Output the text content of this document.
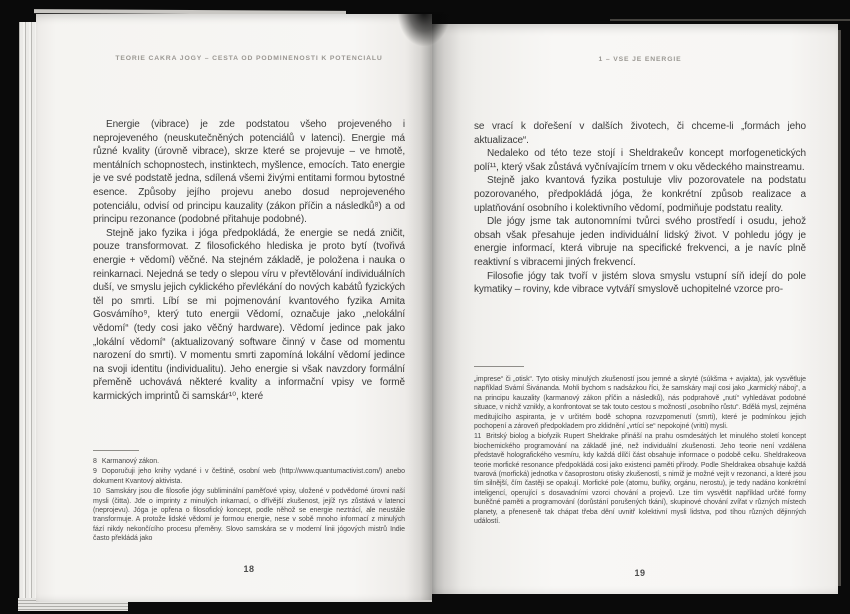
TEORIE ČAKRA JÓGY – CESTA OD PODMÍNĚNOSTI K POTENCIÁLU

Energie (vibrace) je zde podstatou všeho projeveného i neprojeveného (neuskutečněných potenciálů v latenci). Energie má různé kvality (úrovně vibrace), skrze které se projevuje – ve hmotě, mentálních schopnostech, instinktech, myšlence, emocích. Tato energie je ve své podstatě jedna, sdílená všemi živými entitami formou bytostné esence. Způsoby jejího projevu anebo dosud neprojeveného potenciálu, odvisí od principu kauzality (zákon příčin a následků⁸) a od principu rezonance (podobné přitahuje podobné).

Stejně jako fyzika i jóga předpokládá, že energie se nedá zničit, pouze transformovat. Z filosofického hlediska je proto bytí (tvořivá energie + vědomí) věčné. Na stejném základě, je položena i nauka o reinkarnaci. Nejedná se tedy o slepou víru v převtělování individuálních duší, ve smyslu jejich cyklického převlékání do nových kabátů fyzických těl po smrti. Líbí se mi pojmenování kvantového fyzika Amita Gosvámího⁹, který tuto energii Vědomí, označuje jako „nelokální vědomí“ (tedy cosi jako věčný hardware). Vědomí jedince pak jako „lokální vědomí“ (aktualizovaný software činný v čase od momentu narození do smrti). V momentu smrti zapomíná lokální vědomí jedince na svoji identitu (individualitu). Jeho energie si však navzdory formální přeměně uchovává některé kvality a informační vpisy ve formě karmických imprintů či samskár¹⁰, které

8 Karmanový zákon.

9 Doporučuji jeho knihy vydané i v češtině, osobní web (http://www.quantumactivist.com/) anebo dokument Kvantový aktivista.

10 Samskáry jsou dle filosofie jógy subliminální paměťové vpisy, uložené v podvědomé úrovni naší mysli (čitta). Jde o imprinty z minulých inkarnací, o dřívější zkušenost, jejíž rys zůstává v latenci (neprojevu). Jóga je opřena o filosofický koncept, podle něhož se energie neztrácí, ale neustále transformuje. A protože lidské vědomí je formou energie, nese v sobě mnoho informací z minulých fází nikdy nekončícího procesu přeměny. Slovo samskára se v moderní linii jógových mistrů Indie často překládá jako

18
1 – VŠE JE ENERGIE

se vrací k dořešení v dalších životech, či chceme-li „formách jeho aktualizace“.

Nedaleko od této teze stojí i Sheldrakeův koncept morfogenetických polí¹¹, který však zůstává vyčnívajícím trnem v oku vědeckého mainstreamu.

Stejně jako kvantová fyzika postuluje vliv pozorovatele na podstatu pozorovaného, předpokládá jóga, že konkrétní způsob realizace a uplatňování osobního i kolektivního vědomí, podmiňuje podstatu reality.

Dle jógy jsme tak autonomními tvůrci svého prostředí i osudu, jehož obsah však přesahuje jeden individuální lidský život. V pohledu jógy je energie informací, která vibruje na specifické frekvenci, a je navíc plně reaktivní s vibracemi jiných frekvencí.

Filosofie jógy tak tvoří v jistém slova smyslu vstupní síň idejí do pole kymatiky – roviny, kde vibrace vytváří smyslově uchopitelné vzorce pro-

„imprese“ či „otisk“. Tyto otisky minulých zkušeností jsou jemné a skryté (súkšma + avjakta), jak vysvětluje například Svámí Šivánanda. Mohli bychom s nadsázkou říci, že samskáry mají cosi jako „karmický náboj“, a na principu kauzality (karmanový zákon příčin a následků), nás podprahově „nutí“ vyhledávat podobné situace, v nichž vznikly, a konfrontovat se tak touto cestou s možností „osobního růstu“. Bdělá mysl, zejména meditujícího aspiranta, je v určitém bodě schopna rozvzpomenutí (smrti), které je podmínkou jejich pochopení a zároveň předpokladem pro zklidnění „vrtící se“ nepokojné (vritti) mysli.

11 Britský biolog a biofyzik Rupert Sheldrake přináší na prahu osmdesátých let minulého století koncept biochemického programování na základě jiné, než individuální zkušenosti. Jeho teorie není vzdálena představě holografického vesmíru, kdy každá dílčí část obsahuje informace o podobě celku. Sheldrakeova teorie morfické resonance předpokládá cosi jako existenci paměti přírody. Podle Sheldrakea obsahuje každá tvarová (morfická) jednotka v časoprostoru otisky zkušeností, s nimiž je možné vejít v rezonanci, a které jsou tím silnější, čím častěji se opakují. Morfické pole (atomu, buňky, orgánu, nerostu), je tedy nadáno konkrétní inteligencí, operující s dosavadními vzorci chování a projevů. Lze tím vysvětlit například určité formy buněčné paměti a programování (dorůstání porušených tkání), skupinové chování zvířat v různých místech planety, a přeneseně tak chápat třeba dění uvnitř kolektivní mysli lidstva, pod tíhou různých dějinných událostí.

19
